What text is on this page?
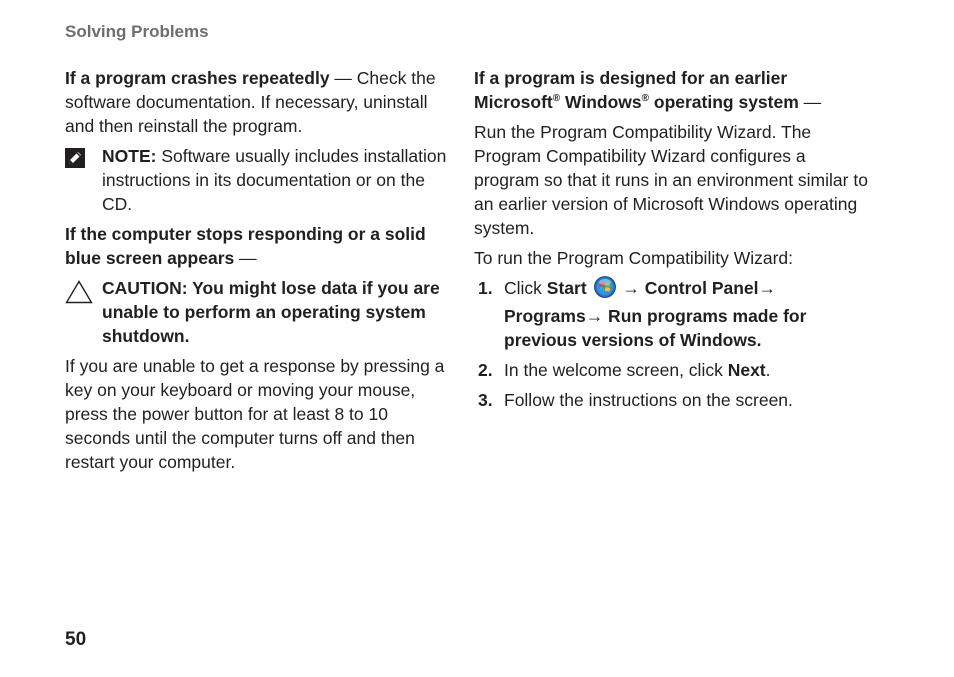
Solving Problems

If a program crashes repeatedly — Check the software documentation. If necessary, uninstall and then reinstall the program.

NOTE: Software usually includes installation instructions in its documentation or on the CD.

If the computer stops responding or a solid blue screen appears —

CAUTION: You might lose data if you are unable to perform an operating system shutdown.

If you are unable to get a response by pressing a key on your keyboard or moving your mouse, press the power button for at least 8 to 10 seconds until the computer turns off and then restart your computer.

If a program is designed for an earlier Microsoft® Windows® operating system —

Run the Program Compatibility Wizard. The Program Compatibility Wizard configures a program so that it runs in an environment similar to an earlier version of Microsoft Windows operating system.

To run the Program Compatibility Wizard:

1. Click Start  → Control Panel→ Programs→ Run programs made for previous versions of Windows.
2. In the welcome screen, click Next.
3. Follow the instructions on the screen.
50
